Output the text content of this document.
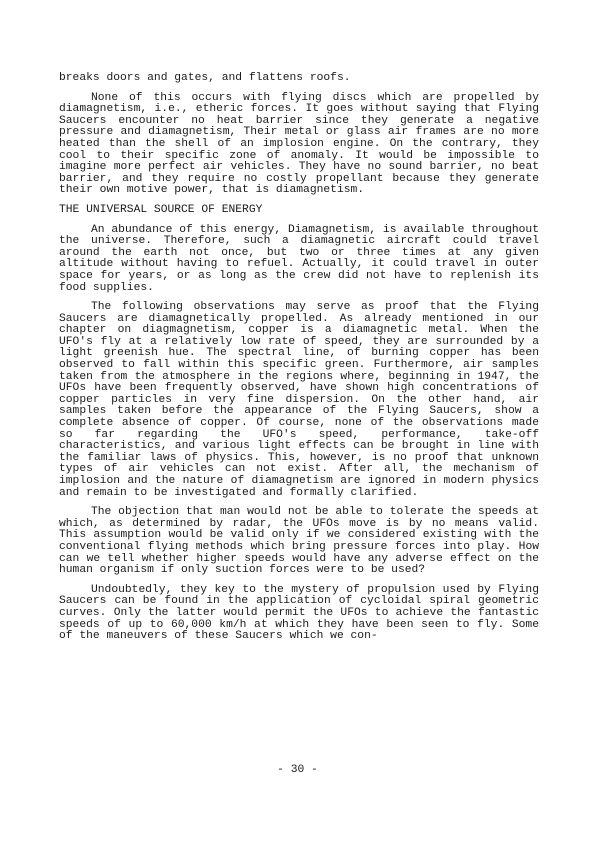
breaks doors and gates, and flattens roofs.

None of this occurs with flying discs which are propelled by diamagnetism, i.e., etheric forces. It goes without saying that Flying Saucers encounter no heat barrier since they generate a negative pressure and diamagnetism, Their metal or glass air frames are no more heated than the shell of an implosion engine. On the contrary, they cool to their specific zone of anomaly. It would be impossible to imagine more perfect air vehicles. They have no sound barrier, no beat barrier, and they require no costly propellant because they generate their own motive power, that is diamagnetism.

THE UNIVERSAL SOURCE OF ENERGY

An abundance of this energy, Diamagnetism, is available throughout the universe. Therefore, such a diamagnetic aircraft could travel around the earth not once, but two or three times at any given altitude without having to refuel. Actually, it could travel in outer space for years, or as long as the crew did not have to replenish its food supplies.

The following observations may serve as proof that the Flying Saucers are diamagnetically propelled. As already mentioned in our chapter on diagmagnetism, copper is a diamagnetic metal. When the UFO's fly at a relatively low rate of speed, they are surrounded by a light greenish hue. The spectral line, of burning copper has been observed to fall within this specific green. Furthermore, air samples taken from the atmosphere in the regions where, beginning in 1947, the UFOs have been frequently observed, have shown high concentrations of copper particles in very fine dispersion. On the other hand, air samples taken before the appearance of the Flying Saucers, show a complete absence of copper. Of course, none of the observations made so far regarding the UFO's speed, performance, take-off characteristics, and various light effects can be brought in line with the familiar laws of physics. This, however, is no proof that unknown types of air vehicles can not exist. After all, the mechanism of implosion and the nature of diamagnetism are ignored in modern physics and remain to be investigated and formally clarified.

The objection that man would not be able to tolerate the speeds at which, as determined by radar, the UFOs move is by no means valid. This assumption would be valid only if we considered existing with the conventional flying methods which bring pressure forces into play. How can we tell whether higher speeds would have any adverse effect on the human organism if only suction forces were to be used?

Undoubtedly, they key to the mystery of propulsion used by Flying Saucers can be found in the application of cycloidal spiral geometric curves. Only the latter would permit the UFOs to achieve the fantastic speeds of up to 60,000 km/h at which they have been seen to fly. Some of the maneuvers of these Saucers which we con-

- 30 -
